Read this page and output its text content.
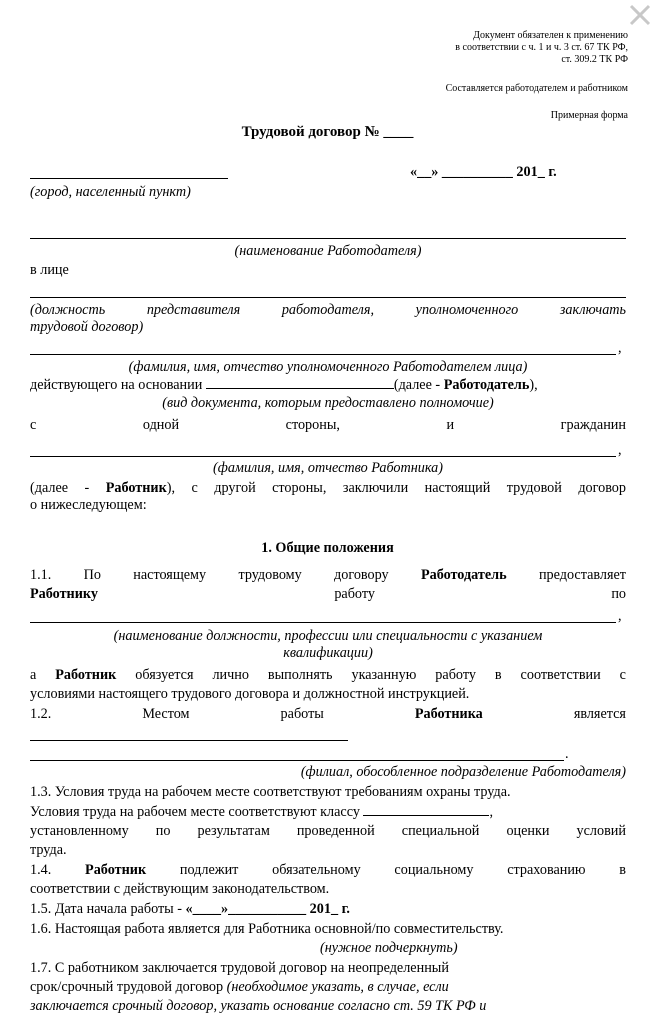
Документ обязателен к применению
в соответствии с ч. 1 и ч. 3 ст. 67 ТК РФ,
ст. 309.2 ТК РФ
Составляется работодателем и работником
Примерная форма
Трудовой договор № ____
«__» __________ 201_ г.
(город, населенный пункт)
(наименование Работодателя)
в лице
(должность представителя работодателя, уполномоченного заключать
трудовой договор)
,
(фамилия, имя, отчество уполномоченного Работодателем лица)
действующего на основании	(далее - Работодатель),
(вид документа, которым предоставлено полномочие)
с	одной	стороны,	и	гражданин
,
(фамилия, имя, отчество Работника)
(далее - Работник), с другой стороны, заключили настоящий трудовой договор
о нижеследующем:
1. Общие положения
1.1. По настоящему трудовому договору Работодатель предоставляет
Работнику	работу	по
,
(наименование должности, профессии или специальности с указанием
квалификации)
а Работник обязуется лично выполнять указанную работу в соответствии с
условиями настоящего трудового договора и должностной инструкцией.
1.2.	Местом	работы	Работника	является
.
(филиал, обособленное подразделение Работодателя)
1.3. Условия труда на рабочем месте соответствуют требованиям охраны труда.
Условия труда на рабочем месте соответствуют классу	,
установленному по результатам проведенной специальной оценки условий
труда.
1.4. Работник подлежит обязательному социальному страхованию в
соответствии с действующим законодательством.
1.5. Дата начала работы - «____»___________ 201_ г.
1.6. Настоящая работа является для Работника основной/по совместительству.
(нужное подчеркнуть)
1.7. С работником заключается трудовой договор на неопределенный
срок/срочный трудовой договор (необходимое указать, в случае, если
заключается срочный договор, указать основание согласно ст. 59 ТК РФ и
